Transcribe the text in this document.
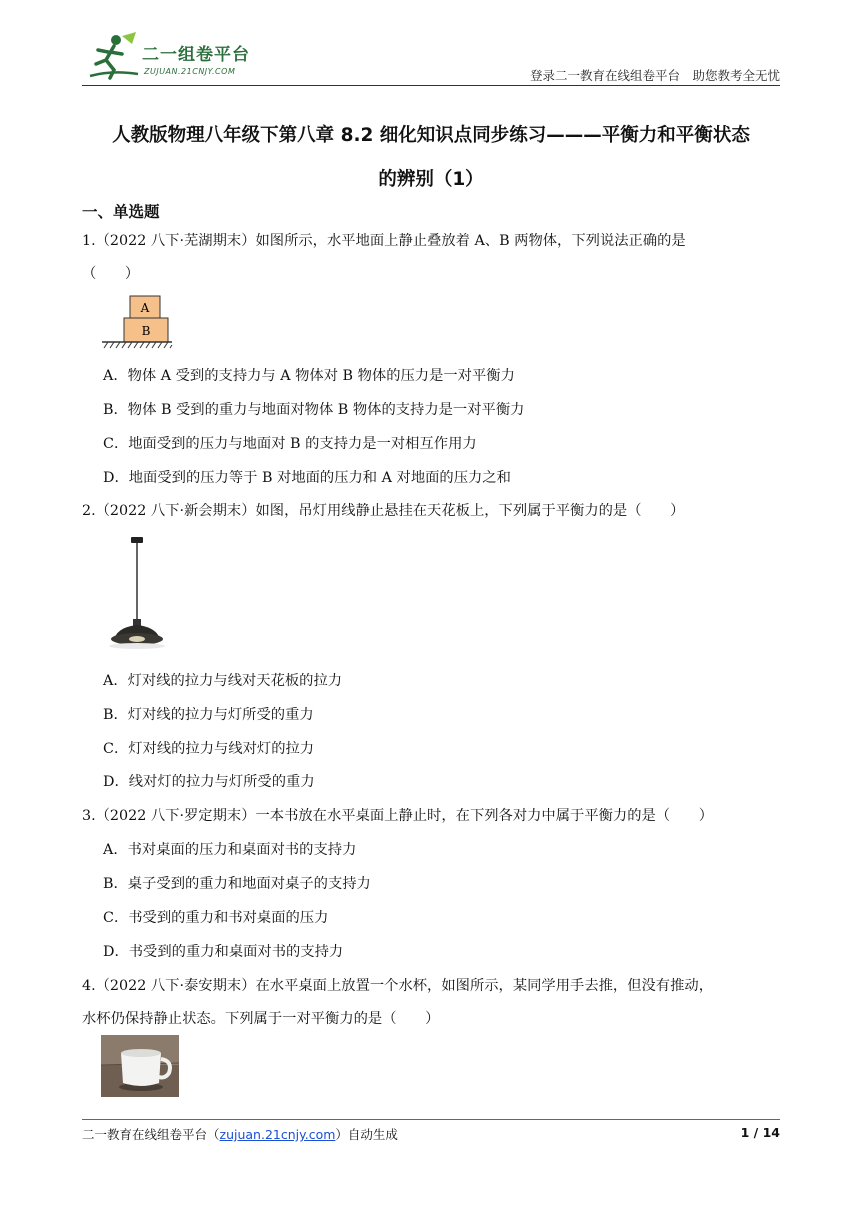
二一组卷平台
ZUJUAN.21CNJY.COM	登录二一教育在线组卷平台　助您教考全无忧
人教版物理八年级下第八章 8.2 细化知识点同步练习———平衡力和平衡状态
的辨别（1）
一、单选题
1.（2022 八下·芜湖期末）如图所示，水平地面上静止叠放着 A、B 两物体，下列说法正确的是
（　　）
A
B
A．物体 A 受到的支持力与 A 物体对 B 物体的压力是一对平衡力
B．物体 B 受到的重力与地面对物体 B 物体的支持力是一对平衡力
C．地面受到的压力与地面对 B 的支持力是一对相互作用力
D．地面受到的压力等于 B 对地面的压力和 A 对地面的压力之和
2.（2022 八下·新会期末）如图，吊灯用线静止悬挂在天花板上，下列属于平衡力的是（　　）
A．灯对线的拉力与线对天花板的拉力
B．灯对线的拉力与灯所受的重力
C．灯对线的拉力与线对灯的拉力
D．线对灯的拉力与灯所受的重力
3.（2022 八下·罗定期末）一本书放在水平桌面上静止时，在下列各对力中属于平衡力的是（　　）
A．书对桌面的压力和桌面对书的支持力
B．桌子受到的重力和地面对桌子的支持力
C．书受到的重力和书对桌面的压力
D．书受到的重力和桌面对书的支持力
4.（2022 八下·泰安期末）在水平桌面上放置一个水杯，如图所示，某同学用手去推，但没有推动，
水杯仍保持静止状态。下列属于一对平衡力的是（　　）
二一教育在线组卷平台（zujuan.21cnjy.com）自动生成	1 / 14
